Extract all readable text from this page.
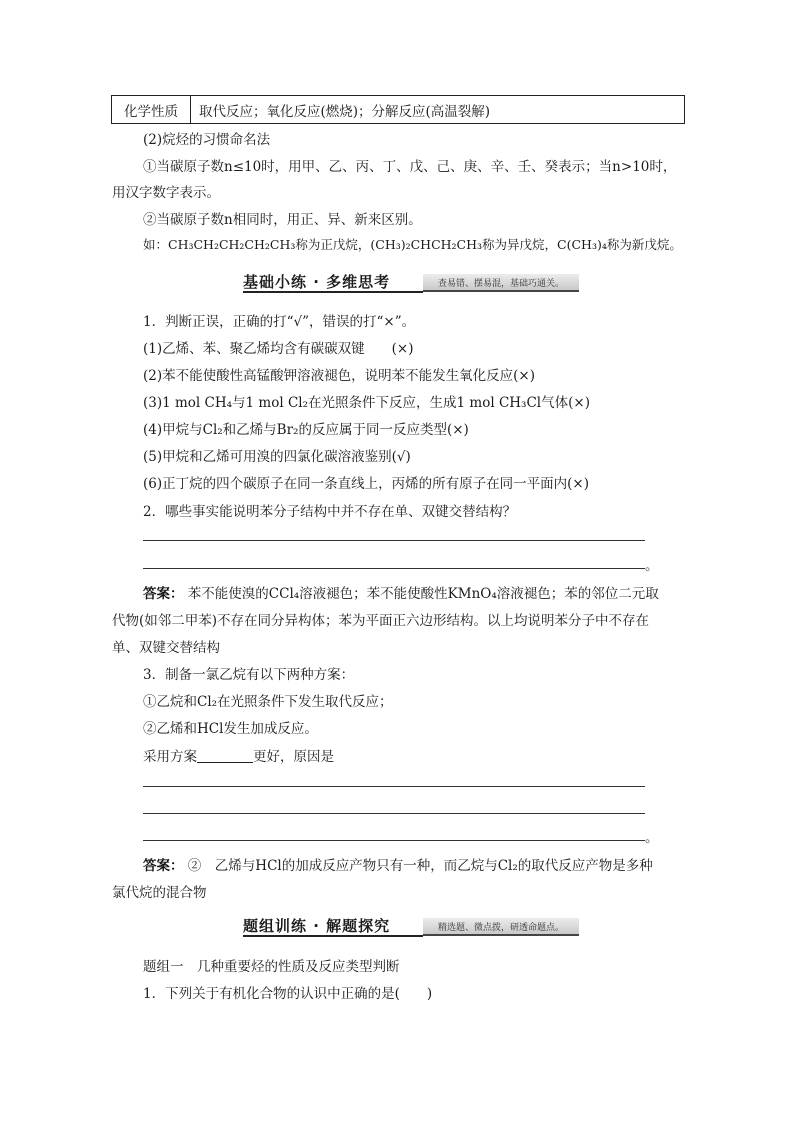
化学性质	取代反应；氧化反应(燃烧)；分解反应(高温裂解)
(2)烷烃的习惯命名法
①当碳原子数n≤10时，用甲、乙、丙、丁、戊、己、庚、辛、壬、癸表示；当n>10时，
用汉字数字表示。
②当碳原子数n相同时，用正、异、新来区别。
如：CH₃CH₂CH₂CH₂CH₃称为正戊烷，(CH₃)₂CHCH₂CH₃称为异戊烷，C(CH₃)₄称为新戊烷。
基础小练 · 多维思考	查易错、摆易混，基础巧通关。
1．判断正误，正确的打“√”，错误的打“×”。
(1)乙烯、苯、聚乙烯均含有碳碳双键　　(×)
(2)苯不能使酸性高锰酸钾溶液褪色，说明苯不能发生氧化反应(×)
(3)1 mol CH₄与1 mol Cl₂在光照条件下反应，生成1 mol CH₃Cl气体(×)
(4)甲烷与Cl₂和乙烯与Br₂的反应属于同一反应类型(×)
(5)甲烷和乙烯可用溴的四氯化碳溶液鉴别(√)
(6)正丁烷的四个碳原子在同一条直线上，丙烯的所有原子在同一平面内(×)
2．哪些事实能说明苯分子结构中并不存在单、双键交替结构？
。
答案： 苯不能使溴的CCl₄溶液褪色；苯不能使酸性KMnO₄溶液褪色；苯的邻位二元取
代物(如邻二甲苯)不存在同分异构体；苯为平面正六边形结构。以上均说明苯分子中不存在
单、双键交替结构
3．制备一氯乙烷有以下两种方案：
①乙烷和Cl₂在光照条件下发生取代反应；
②乙烯和HCl发生加成反应。
采用方案	更好，原因是
。
答案： ②　乙烯与HCl的加成反应产物只有一种，而乙烷与Cl₂的取代反应产物是多种
氯代烷的混合物
题组训练 · 解题探究	精选题、微点拨，研透命题点。
题组一　几种重要烃的性质及反应类型判断
1．下列关于有机化合物的认识中正确的是(　　)
